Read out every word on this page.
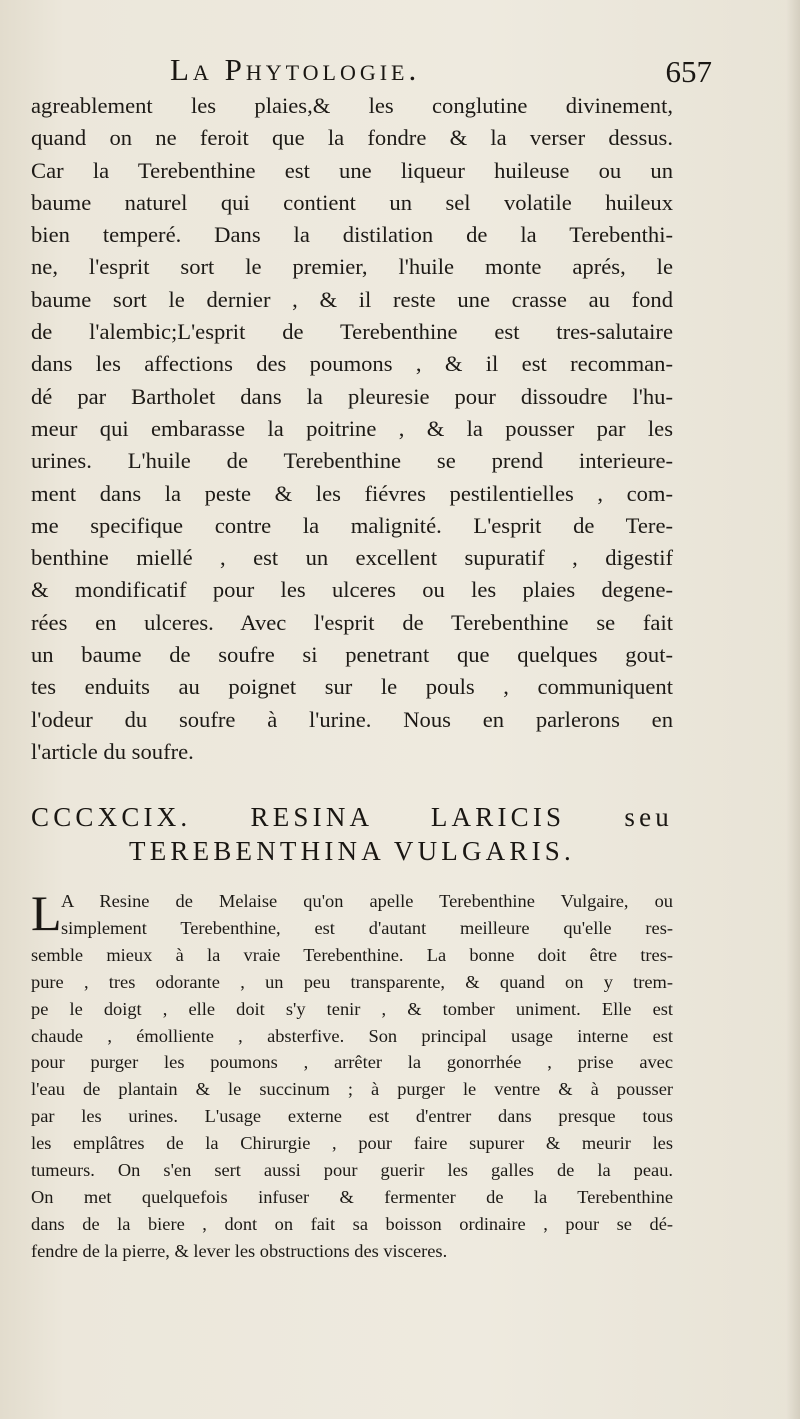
La Phytologie.	657
agreablement les plaies,& les conglutine divinement,
quand on ne feroit que la fondre & la verser dessus.
Car la Terebenthine est une liqueur huileuse ou un
baume naturel qui contient un sel volatile huileux
bien temperé. Dans la distilation de la Terebenthi-
ne, l'esprit sort le premier, l'huile monte aprés, le
baume sort le dernier , & il reste une crasse au fond
de l'alembic;L'esprit de Terebenthine est tres-salutaire
dans les affections des poumons , & il est recomman-
dé par Bartholet dans la pleuresie pour dissoudre l'hu-
meur qui embarasse la poitrine , & la pousser par les
urines. L'huile de Terebenthine se prend interieure-
ment dans la peste & les fiévres pestilentielles , com-
me specifique contre la malignité. L'esprit de Tere-
benthine miellé , est un excellent supuratif , digestif
& mondificatif pour les ulceres ou les plaies degene-
rées en ulceres. Avec l'esprit de Terebenthine se fait
un baume de soufre si penetrant que quelques gout-
tes enduits au poignet sur le pouls , communiquent
l'odeur du soufre à l'urine. Nous en parlerons en
l'article du soufre.
CCCXCIX. RESINA LARICIS seu
TEREBENTHINA VULGARIS.
L A Resine de Melaise qu'on apelle Terebenthine Vulgaire, ou
simplement Terebenthine, est d'autant meilleure qu'elle res-
semble mieux à la vraie Terebenthine. La bonne doit être tres-
pure , tres odorante , un peu transparente, & quand on y trem-
pe le doigt , elle doit s'y tenir , & tomber uniment. Elle est
chaude , émolliente , absterfive. Son principal usage interne est
pour purger les poumons , arrêter la gonorrhée , prise avec
l'eau de plantain & le succinum ; à purger le ventre & à pousser
par les urines. L'usage externe est d'entrer dans presque tous
les emplâtres de la Chirurgie , pour faire supurer & meurir les
tumeurs. On s'en sert aussi pour guerir les galles de la peau.
On met quelquefois infuser & fermenter de la Terebenthine
dans de la biere , dont on fait sa boisson ordinaire , pour se dé-
fendre de la pierre, & lever les obstructions des visceres.
